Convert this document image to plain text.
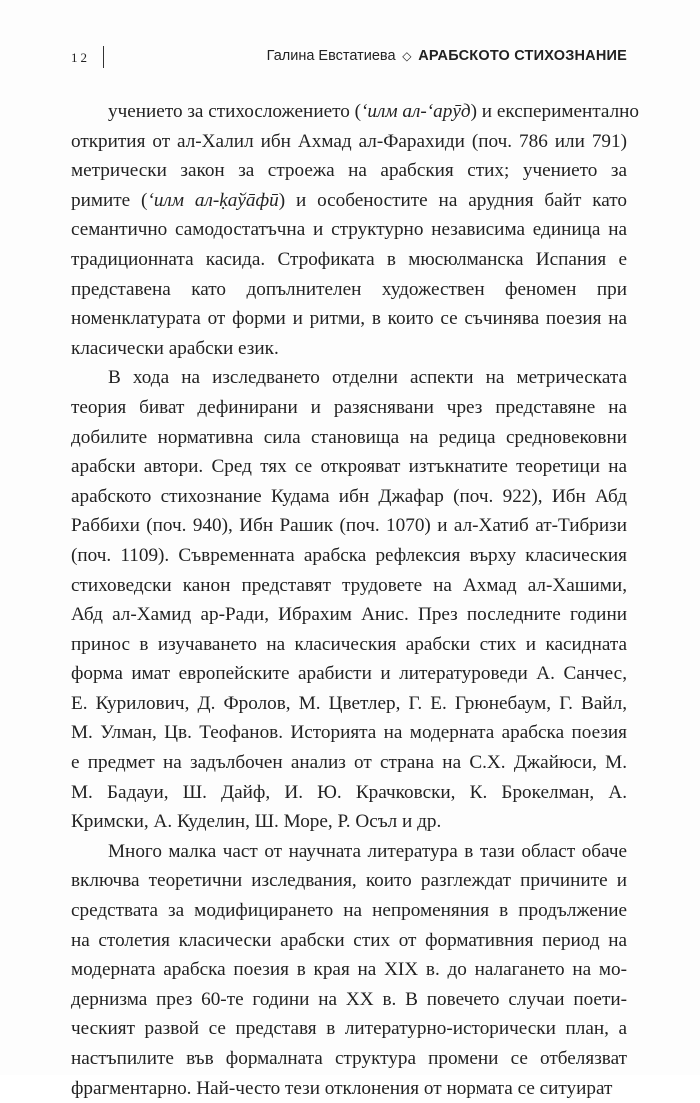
12	Галина Евстатиева ◇ АРАБСКОТО СТИХОЗНАНИЕ

учението за стихосложението (‘илм ал-‘арӯд) и експериментално
открития от ал-Халил ибн Ахмад ал-Фарахиди (поч. 786 или 791)
метрически закон за строежа на арабския стих; учението за
римите (‘илм ал-ḳаўāфū) и особеностите на арудния байт като
семантично самодостатъчна и структурно независима единица на
традиционната касида. Строфиката в мюсюлманска Испания е
представена като допълнителен художествен феномен при
номенклатурата от форми и ритми, в които се съчинява поезия на
класически арабски език.

В хода на изследването отделни аспекти на метрическата
теория биват дефинирани и разяснявани чрез представяне на
добилите нормативна сила становища на редица средновековни
арабски автори. Сред тях се открояват изтъкнатите теоретици на
арабското стихознание Кудама ибн Джафар (поч. 922), Ибн Абд
Раббихи (поч. 940), Ибн Рашик (поч. 1070) и ал-Хатиб ат-Тибризи
(поч. 1109). Съвременната арабска рефлексия върху класическия
стиховедски канон представят трудовете на Ахмад ал-Хашими,
Абд ал-Хамид ар-Ради, Ибрахим Анис. През последните години
принос в изучаването на класическия арабски стих и касидната
форма имат европейските арабисти и литературоведи А. Санчес,
Е. Курилович, Д. Фролов, М. Цветлер, Г. Е. Грюнебаум, Г. Вайл,
М. Улман, Цв. Теофанов. Историята на модерната арабска поезия
е предмет на задълбочен анализ от страна на С.Х. Джайюси, М.
М. Бадауи, Ш. Дайф, И. Ю. Крачковски, К. Брокелман, А.
Кримски, А. Куделин, Ш. Море, Р. Осъл и др.

Много малка част от научната литература в тази област обаче
включва теоретични изследвания, които разглеждат причините и
средствата за модифицирането на непроменяния в продължение
на столетия класически арабски стих от формативния период на
модерната арабска поезия в края на XIX в. до налагането на мо-
дернизма през 60-те години на XX в. В повечето случаи поети-
ческият развой се представя в литературно-исторически план, а
настъпилите във формалната структура промени се отбелязват
фрагментарно. Най-често тези отклонения от нормата се ситуират
